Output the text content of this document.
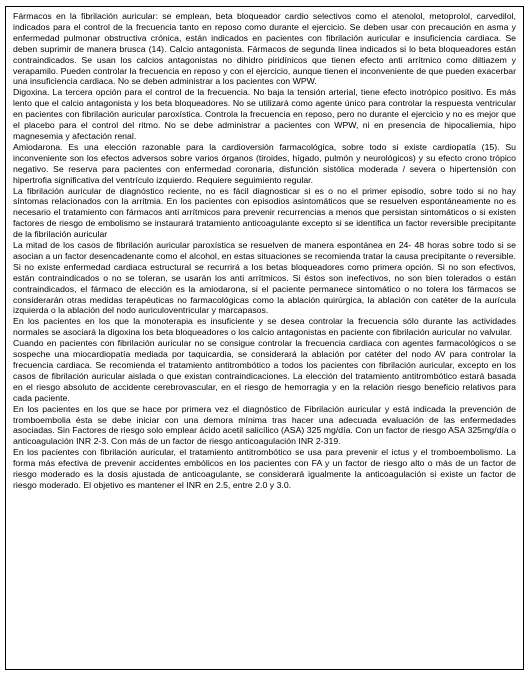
Fármacos en la fibrilación auricular: se emplean, beta bloqueador cardio selectivos como el atenolol, metoprolol, carvedilol, indicados para el control de la frecuencia tanto en reposo como durante el ejercicio. Se deben usar con precaución en asma y enfermedad pulmonar obstructiva crónica, están indicados en pacientes con fibrilación auricular e insuficiencia cardiaca. Se deben suprimir de manera brusca (14). Calcio antagonista. Fármacos de segunda línea indicados si lo beta bloqueadores están contraindicados. Se usan los calcios antagonistas no dihidro piridínicos que tienen efecto anti arrítmico como diltiazem y verapamilo. Pueden controlar la frecuencia en reposo y con el ejercicio, aunque tienen el inconveniente de que pueden exacerbar una insuficiencia cardiaca. No se deben administrar a los pacientes con WPW.

Digoxina. La tercera opción para el control de la frecuencia. No baja la tensión arterial, tiene efecto inotrópico positivo. Es más lento que el calcio antagonista y los beta bloqueadores. No se utilizará como agente único para controlar la respuesta ventricular en pacientes con fibrilación auricular paroxística. Controla la frecuencia en reposo, pero no durante el ejercicio y no es mejor que el placebo para el control del ritmo. No se debe administrar a pacientes con WPW, ni en presencia de hipocaliemia, hipo magnesemia y afectación renal.

Amiodarona. Es una elección razonable para la cardioversión farmacológica, sobre todo si existe cardiopatía (15). Su inconveniente son los efectos adversos sobre varios órganos (tiroides, hígado, pulmón y neurológicos) y su efecto crono trópico negativo. Se reserva para pacientes con enfermedad coronaria, disfunción sistólica moderada / severa o hipertensión con hipertrofia significativa del ventrículo izquierdo. Requiere seguimiento regular.

La fibrilación auricular de diagnóstico reciente, no es fácil diagnosticar si es o no el primer episodio, sobre todo si no hay síntomas relacionados con la arritmia. En los pacientes con episodios asintomáticos que se resuelven espontáneamente no es necesario el tratamiento con fármacos anti arrítmicos para prevenir recurrencias a menos que persistan sintomáticos o si existen factores de riesgo de embolismo se instaurará tratamiento anticoagulante excepto si se identifica un factor reversible precipitante de la fibrilación auricular

La mitad de los casos de fibrilación auricular paroxística se resuelven de manera espontánea en 24- 48 horas sobre todo si se asocian a un factor desencadenante como el alcohol, en estas situaciones se recomienda tratar la causa precipitante o reversible.

Si no existe enfermedad cardiaca estructural se recurrirá a los betas bloqueadores como primera opción. Si no son efectivos, están contraindicados o no se toleran, se usarán los anti arrítmicos. Si éstos son inefectivos, no son bien tolerados o están contraindicados, el fármaco de elección es la amiodarona, si el paciente permanece sintomático o no tolera los fármacos se considerarán otras medidas terapéuticas no farmacológicas como la ablación quirúrgica, la ablación con catéter de la aurícula izquierda o la ablación del nodo auriculoventricular y marcapasos.

En los pacientes en los que la monoterapia es insuficiente y se desea controlar la frecuencia sólo durante las actividades normales se asociará la digoxina los beta bloqueadores o los calcio antagonistas en paciente con fibrilación auricular no valvular.

Cuando en pacientes con fibrilación auricular no se consigue controlar la frecuencia cardiaca con agentes farmacológicos o se sospeche una miocardiopatía mediada por taquicardia, se considerará la ablación por catéter del nodo AV para controlar la frecuencia cardiaca. Se recomienda el tratamiento antitrombótico a todos los pacientes con fibrilación auricular, excepto en los casos de fibrilación auricular aislada o que existan contraindicaciones. La elección del tratamiento antitrombótico estará basada en el riesgo absoluto de accidente cerebrovascular, en el riesgo de hemorragia y en la relación riesgo beneficio relativos para cada paciente.

En los pacientes en los que se hace por primera vez el diagnóstico de Fibrilación auricular y está indicada la prevención de tromboembolia ésta se debe iniciar con una demora mínima tras hacer una adecuada evaluación de las enfermedades asociadas. Sin Factores de riesgo solo emplear ácido acetil salicílico (ASA) 325 mg/día. Con un factor de riesgo ASA 325mg/día o anticoagulación INR 2-3. Con más de un factor de riesgo anticoagulación INR 2-319.

En los pacientes con fibrilación auricular, el tratamiento antitrombótico se usa para prevenir el ictus y el tromboembolismo. La forma más efectiva de prevenir accidentes embólicos en los pacientes con FA y un factor de riesgo alto o más de un factor de riesgo moderado es la dosis ajustada de anticoagulante, se considerará igualmente la anticoagulación si existe un factor de riesgo moderado. El objetivo es mantener el INR en 2.5, entre 2.0 y 3.0.
